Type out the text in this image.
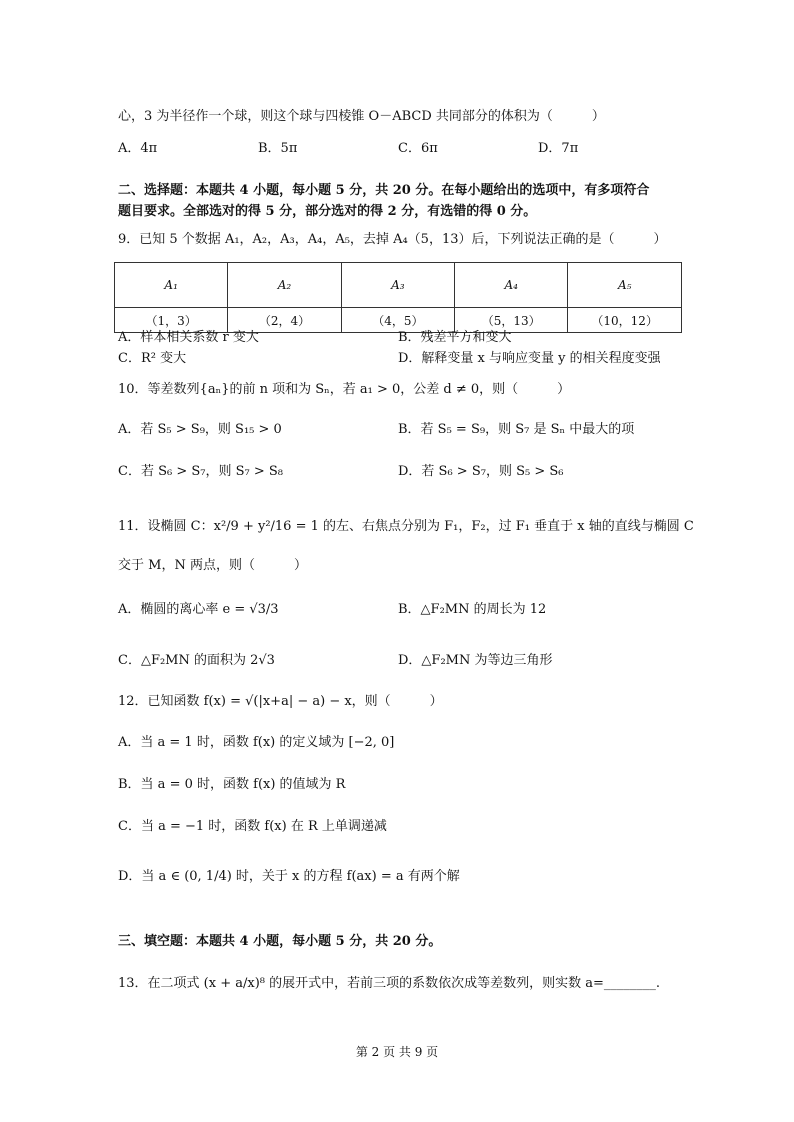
心，3 为半径作一个球，则这个球与四棱锥 O－ABCD 共同部分的体积为（　　　）
A．4π	B．5π	C．6π	D．7π
二、选择题：本题共 4 小题，每小题 5 分，共 20 分。在每小题给出的选项中，有多项符合
题目要求。全部选对的得 5 分，部分选对的得 2 分，有选错的得 0 分。
9．已知 5 个数据 A₁，A₂，A₃，A₄，A₅，去掉 A₄（5，13）后，下列说法正确的是（　　　）
A₁	A₂	A₃	A₄	A₅
（1，3）	（2，4）	（4，5）	（5，13）	（10，12）
A．样本相关系数 r 变大	B．残差平方和变大
C．R² 变大	D．解释变量 x 与响应变量 y 的相关程度变强
10．等差数列{aₙ}的前 n 项和为 Sₙ，若 a₁ > 0，公差 d ≠ 0，则（　　　）
A．若 S₅ > S₉，则 S₁₅ > 0	B．若 S₅ = S₉，则 S₇ 是 Sₙ 中最大的项
C．若 S₆ > S₇，则 S₇ > S₈	D．若 S₆ > S₇，则 S₅ > S₆
11．设椭圆 C：x²/9 + y²/16 = 1 的左、右焦点分别为 F₁，F₂，过 F₁ 垂直于 x 轴的直线与椭圆 C
交于 M，N 两点，则（　　　）
A．椭圆的离心率 e = √3/3	B．△F₂MN 的周长为 12
C．△F₂MN 的面积为 2√3	D．△F₂MN 为等边三角形
12．已知函数 f(x) = √(|x+a| − a) − x，则（　　　）
A．当 a = 1 时，函数 f(x) 的定义域为 [−2, 0]
B．当 a = 0 时，函数 f(x) 的值域为 R
C．当 a = −1 时，函数 f(x) 在 R 上单调递减
D．当 a ∈ (0, 1/4) 时，关于 x 的方程 f(ax) = a 有两个解
三、填空题：本题共 4 小题，每小题 5 分，共 20 分。
13．在二项式 (x + a/x)⁸ 的展开式中，若前三项的系数依次成等差数列，则实数 a=________.
第 2 页 共 9 页
